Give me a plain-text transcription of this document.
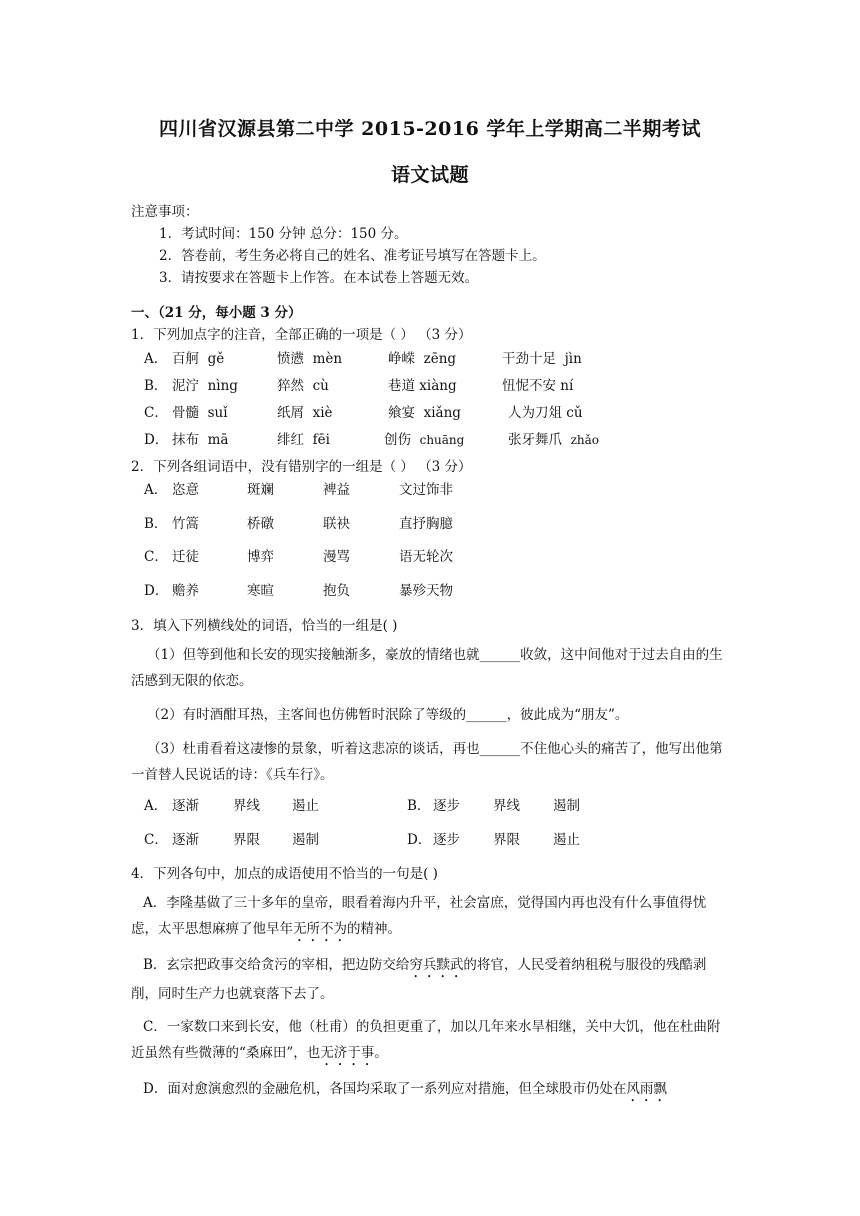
四川省汉源县第二中学 2015-2016 学年上学期高二半期考试
语文试题
注意事项：
1．考试时间：150 分钟 总分：150 分。
2．答卷前，考生务必将自己的姓名、准考证号填写在答题卡上。
3．请按要求在答题卡上作答。在本试卷上答题无效。
一、（21 分，每小题 3 分）
1．下列加点字的注音，全部正确的一项是（ ） （3 分）
A． 百舸 gě	愤懑 mèn	峥嵘 zēng	干劲十足 jìn
B． 泥泞 nìng	猝然 cù	巷道 xiàng	忸怩不安 ní
C． 骨髓 suǐ	纸屑 xiè	飨宴 xiǎng	人为刀俎 cǔ
D． 抹布 mā	绯红 fēi	创伤 chuāng	张牙舞爪 zhǎo
2．下列各组词语中，没有错别字的一组是（ ） （3 分）
A． 恣意	斑斓	裨益	文过饰非
B． 竹篙	桥礅	联袂	直抒胸臆
C． 迁徒	博弈	漫骂	语无轮次
D． 赡养	寒暄	抱负	暴殄天物
3．填入下列横线处的词语，恰当的一组是( )
（1）但等到他和长安的现实接触渐多，豪放的情绪也就______收敛，这中间他对于过去自由的生活感到无限的依恋。
（2）有时酒酣耳热，主客间也仿佛暂时泯除了等级的______，彼此成为“朋友”。
（3）杜甫看着这凄惨的景象，听着这悲凉的谈话，再也______不住他心头的痛苦了，他写出他第一首替人民说话的诗：《兵车行》。
A． 逐渐	界线 遏止	B． 逐步 界线 遏制
C． 逐渐	界限 遏制	D． 逐步 界限 遏止
4．下列各句中，加点的成语使用不恰当的一句是( )
A．李隆基做了三十多年的皇帝，眼看着海内升平，社会富庶，觉得国内再也没有什么事值得忧虑，太平思想麻痹了他早年无所不为的精神。
B．玄宗把政事交给贪污的宰相，把边防交给穷兵黩武的将官，人民受着纳租税与服役的残酷剥削，同时生产力也就衰落下去了。
C．一家数口来到长安，他（杜甫）的负担更重了，加以几年来水旱相继，关中大饥，他在杜曲附近虽然有些微薄的“桑麻田”，也无济于事。
D．面对愈演愈烈的金融危机，各国均采取了一系列应对措施，但全球股市仍处在风雨飘
